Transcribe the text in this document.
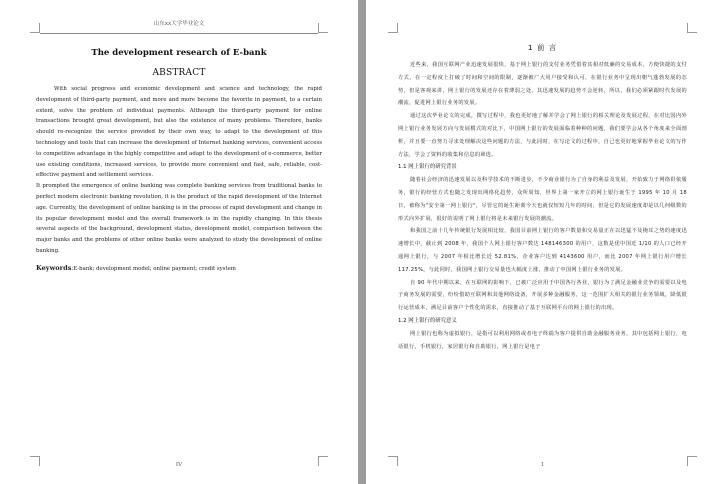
山东xx大学毕业论文
The development research of E-bank
ABSTRACT

With social progress and economic development and science and technology, the rapid development of third-party payment, and more and more become the favorite in payment, to a certain extent, solve the problem of individual payments. Although the third-party payment for online transactions brought great development, but also the existence of many problems. Therefore, banks should re-recognize the service provided by their own way, to adapt to the development of this technology and tools that can increase the development of Internet banking services, convenient access to competitive advantage in the highly competitive and adapt to the development of e-commerce, better use existing conditions, increased services, to provide more convenient and fast, safe, reliable, cost-effective payment and settlement services.

It prompted the emergence of online banking was complete banking services from traditional banks to perfect modern electronic banking revolution, it is the product of the rapid development of the Internet age. Currently, the development of online banking is in the process of rapid development and change in its popular development model and the overall framework is in the rapidly changing. In this thesis several aspects of the background, development status, development model, comparison between the major banks and the problems of other online banks were analyzed to study the development of online banking.

Keywords:E-bank; development model; online payment; credit system

IV
1 前 言

近些来，我国互联网产业迅速发展很快，基于网上银行的支付业务凭借着其相对低廉的交易成本，方便快捷的支付方式，在一定程度上打破了时间和空间的限制，逐渐被广大用户接受和认可，在银行业务中呈现出朝气蓬勃发展的态势，但是客观来讲，网上银行的发展还存在着薄弱之处，其迅速发展的趋势不会逆转，所以，我们必须紧跟时代发展的潮流，促进网上银行业务的发展。

通过这次毕业论文的完成，撰写过程中，我也更好地了解并学会了网上银行的相关理论及发展过程，在对比国内外网上银行业务发展方向与发展模式的对比下，中国网上银行的发展面临着种种的问题，我们要学会从各个角度来全面剖析，并且要一直努力寻求处理解决这些问题的方法，与此同时，在写论文的过程中，自己也更好地掌握毕业论文的写作方法，学会了资料的收集和信息的筛选。

1.1 网上银行的研究背景

随着社会经济的迅速发展以及科学技术的不断进步，不少商业银行为了自身的利益及发展，开始致力于网络供依服务，银行的经营方式也随之发现出网络化趋势，众所周知，世界上第一家开立的网上银行诞生于 1995 年 10 月 18 日，被称为"安全第一网上银行"，尽管它的诞生距离今天也就仅短短几年的时间，但是它的发展速度却是以几何级数的形式向外扩展，很好的说明了网上银行将是未来银行发展的潮流。

和我国之前十几年传统银行发展相比较，我国目前网上银行的客户数量和交易量正在以迅猛不及掩耳之势的速度迅速增长中，截止到 2008 年，我国个人网上银行客户数达 148146300 的用户，这数是优中国近 1/10 的人口已经开通网上银行，与 2007 年相比增长近 52.81%，企业客户达到 4143600 用户，而比 2007 年网上银行用户增长 117.25%，与此同时，我国网上银行交易量也大幅度上涨，推动了中国网上银行业务的发展。

自 90 年代中期以来，在互联网的影响下，已被广泛应用于中国各行各业，银行为了满足金融业竞争的需要以及电子商务发展的需要，纷纷借助互联网和其他网络设备，开展多种金融服务，这一范围扩大相关的银行业务领域，降低银行运营成本，满足目前客户个性化的需求，直接推动了基于互联网平台的网上银行的出现。

1.2 网上银行的研究意义

网上银行也称为虚拟银行，是指可以利用网络或者电子终端为客户提供自助金融服务业务，其中包括网上银行，电话银行，手机银行，家居银行和自助银行，网上银行是电子

1
